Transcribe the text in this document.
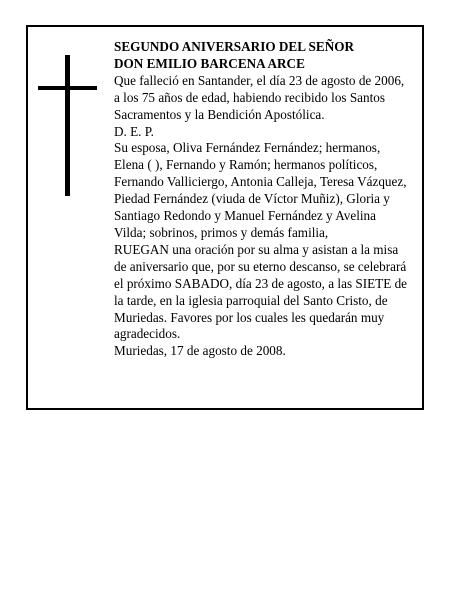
SEGUNDO ANIVERSARIO DEL SEÑOR
DON EMILIO BARCENA ARCE
Que falleció en Santander, el día 23 de agosto de 2006,
a los 75 años de edad, habiendo recibido los Santos
Sacramentos y la Bendición Apostólica.
D. E. P.
Su esposa, Oliva Fernández Fernández; hermanos,
Elena ( ), Fernando y Ramón; hermanos políticos,
Fernando Valliciergo, Antonia Calleja, Teresa Vázquez,
Piedad Fernández (viuda de Víctor Muñiz), Gloria y
Santiago Redondo y Manuel Fernández y Avelina
Vilda; sobrinos, primos y demás familia,
RUEGAN una oración por su alma y asistan a la misa
de aniversario que, por su eterno descanso, se celebrará
el próximo SABADO, día 23 de agosto, a las SIETE de
la tarde, en la iglesia parroquial del Santo Cristo, de
Muriedas. Favores por los cuales les quedarán muy
agradecidos.
Muriedas, 17 de agosto de 2008.
